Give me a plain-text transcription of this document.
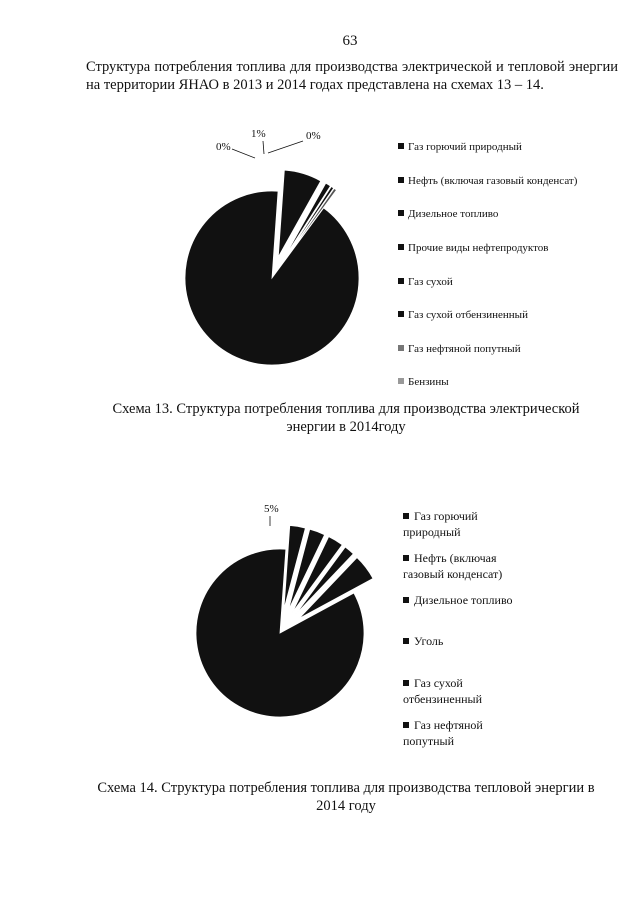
63
Структура потребления топлива для производства электрической и тепловой энергии на территории ЯНАО в 2013 и 2014 годах представлена на схемах 13 – 14.
0%
1%	0%
5%
Газ горючий природный
Нефть (включая газовый конденсат)
Дизельное топливо
Прочие виды нефтепродуктов
Газ сухой
Газ сухой отбензиненный
Газ нефтяной попутный
Бензины
Схема 13. Структура потребления топлива для производства электрической энергии в 2014году
Газ горючий природный
Нефть (включая газовый конденсат)
Дизельное топливо
Уголь
Газ сухой отбензиненный
Газ нефтяной попутный
Схема 14. Структура потребления топлива для производства тепловой энергии в 2014 году
